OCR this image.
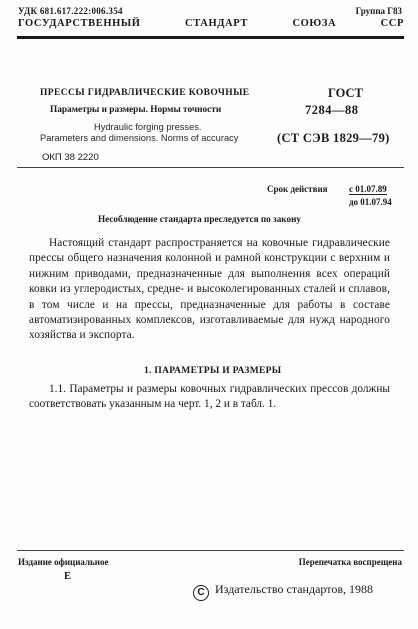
УДК 681.617.222:006.354	Группа Г83
ГОСУДАРСТВЕННЫЙ СТАНДАРТ СОЮЗА ССР
ПРЕССЫ ГИДРАВЛИЧЕСКИЕ КОВОЧНЫЕ
Параметры и размеры. Нормы точности
Hydraulic forging presses.
Parameters and dimensions. Norms of accuracy
ГОСТ
7284—88
(СТ СЭВ 1829—79)
ОКП 38 2220
Срок действия с 01.07.89
до 01.07.94
Несоблюдение стандарта преследуется по закону

Настоящий стандарт распространяется на ковочные гидравлические прессы общего назначения колонной и рамной конструкции с верхним и нижним приводами, предназначенные для выполнения всех операций ковки из углеродистых, средне- и высоколегированных сталей и сплавов, в том числе и на прессы, предназначенные для работы в составе автоматизированных комплексов, изготавливаемые для нужд народного хозяйства и экспорта.

1. ПАРАМЕТРЫ И РАЗМЕРЫ

1.1. Параметры и размеры ковочных гидравлических прессов должны соответствовать указанным на черт. 1, 2 и в табл. 1.

Издание официальное	Перепечатка воспрещена
Е
C Издательство стандартов, 1988
